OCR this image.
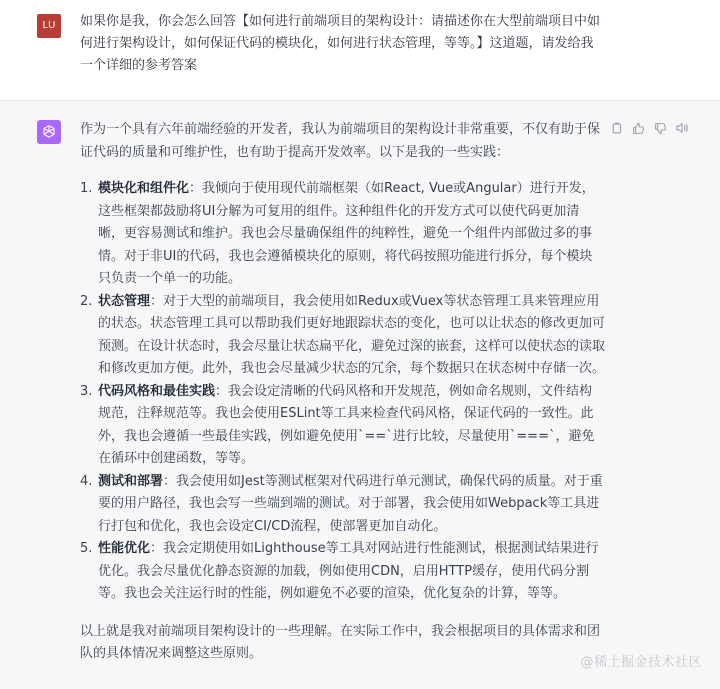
LU	如果你是我，你会怎么回答【如何进行前端项目的架构设计：请描述你在大型前端项目中如何进行架构设计，如何保证代码的模块化，如何进行状态管理，等等。】这道题，请发给我一个详细的参考答案

作为一个具有六年前端经验的开发者，我认为前端项目的架构设计非常重要，不仅有助于保证代码的质量和可维护性，也有助于提高开发效率。以下是我的一些实践：

1. 模块化和组件化：我倾向于使用现代前端框架（如React, Vue或Angular）进行开发，这些框架都鼓励将UI分解为可复用的组件。这种组件化的开发方式可以使代码更加清晰，更容易测试和维护。我也会尽量确保组件的纯粹性，避免一个组件内部做过多的事情。对于非UI的代码，我也会遵循模块化的原则，将代码按照功能进行拆分，每个模块只负责一个单一的功能。
2. 状态管理：对于大型的前端项目，我会使用如Redux或Vuex等状态管理工具来管理应用的状态。状态管理工具可以帮助我们更好地跟踪状态的变化，也可以让状态的修改更加可预测。在设计状态时，我会尽量让状态扁平化，避免过深的嵌套，这样可以使状态的读取和修改更加方便。此外，我也会尽量减少状态的冗余，每个数据只在状态树中存储一次。
3. 代码风格和最佳实践：我会设定清晰的代码风格和开发规范，例如命名规则，文件结构规范，注释规范等。我也会使用ESLint等工具来检查代码风格，保证代码的一致性。此外，我也会遵循一些最佳实践，例如避免使用`==`进行比较，尽量使用`===`，避免在循环中创建函数，等等。
4. 测试和部署：我会使用如Jest等测试框架对代码进行单元测试，确保代码的质量。对于重要的用户路径，我也会写一些端到端的测试。对于部署，我会使用如Webpack等工具进行打包和优化，我也会设定CI/CD流程，使部署更加自动化。
5. 性能优化：我会定期使用如Lighthouse等工具对网站进行性能测试，根据测试结果进行优化。我会尽量优化静态资源的加载，例如使用CDN，启用HTTP缓存，使用代码分割等。我也会关注运行时的性能，例如避免不必要的渲染，优化复杂的计算，等等。

以上就是我对前端项目架构设计的一些理解。在实际工作中，我会根据项目的具体需求和团队的具体情况来调整这些原则。

@稀土掘金技术社区
